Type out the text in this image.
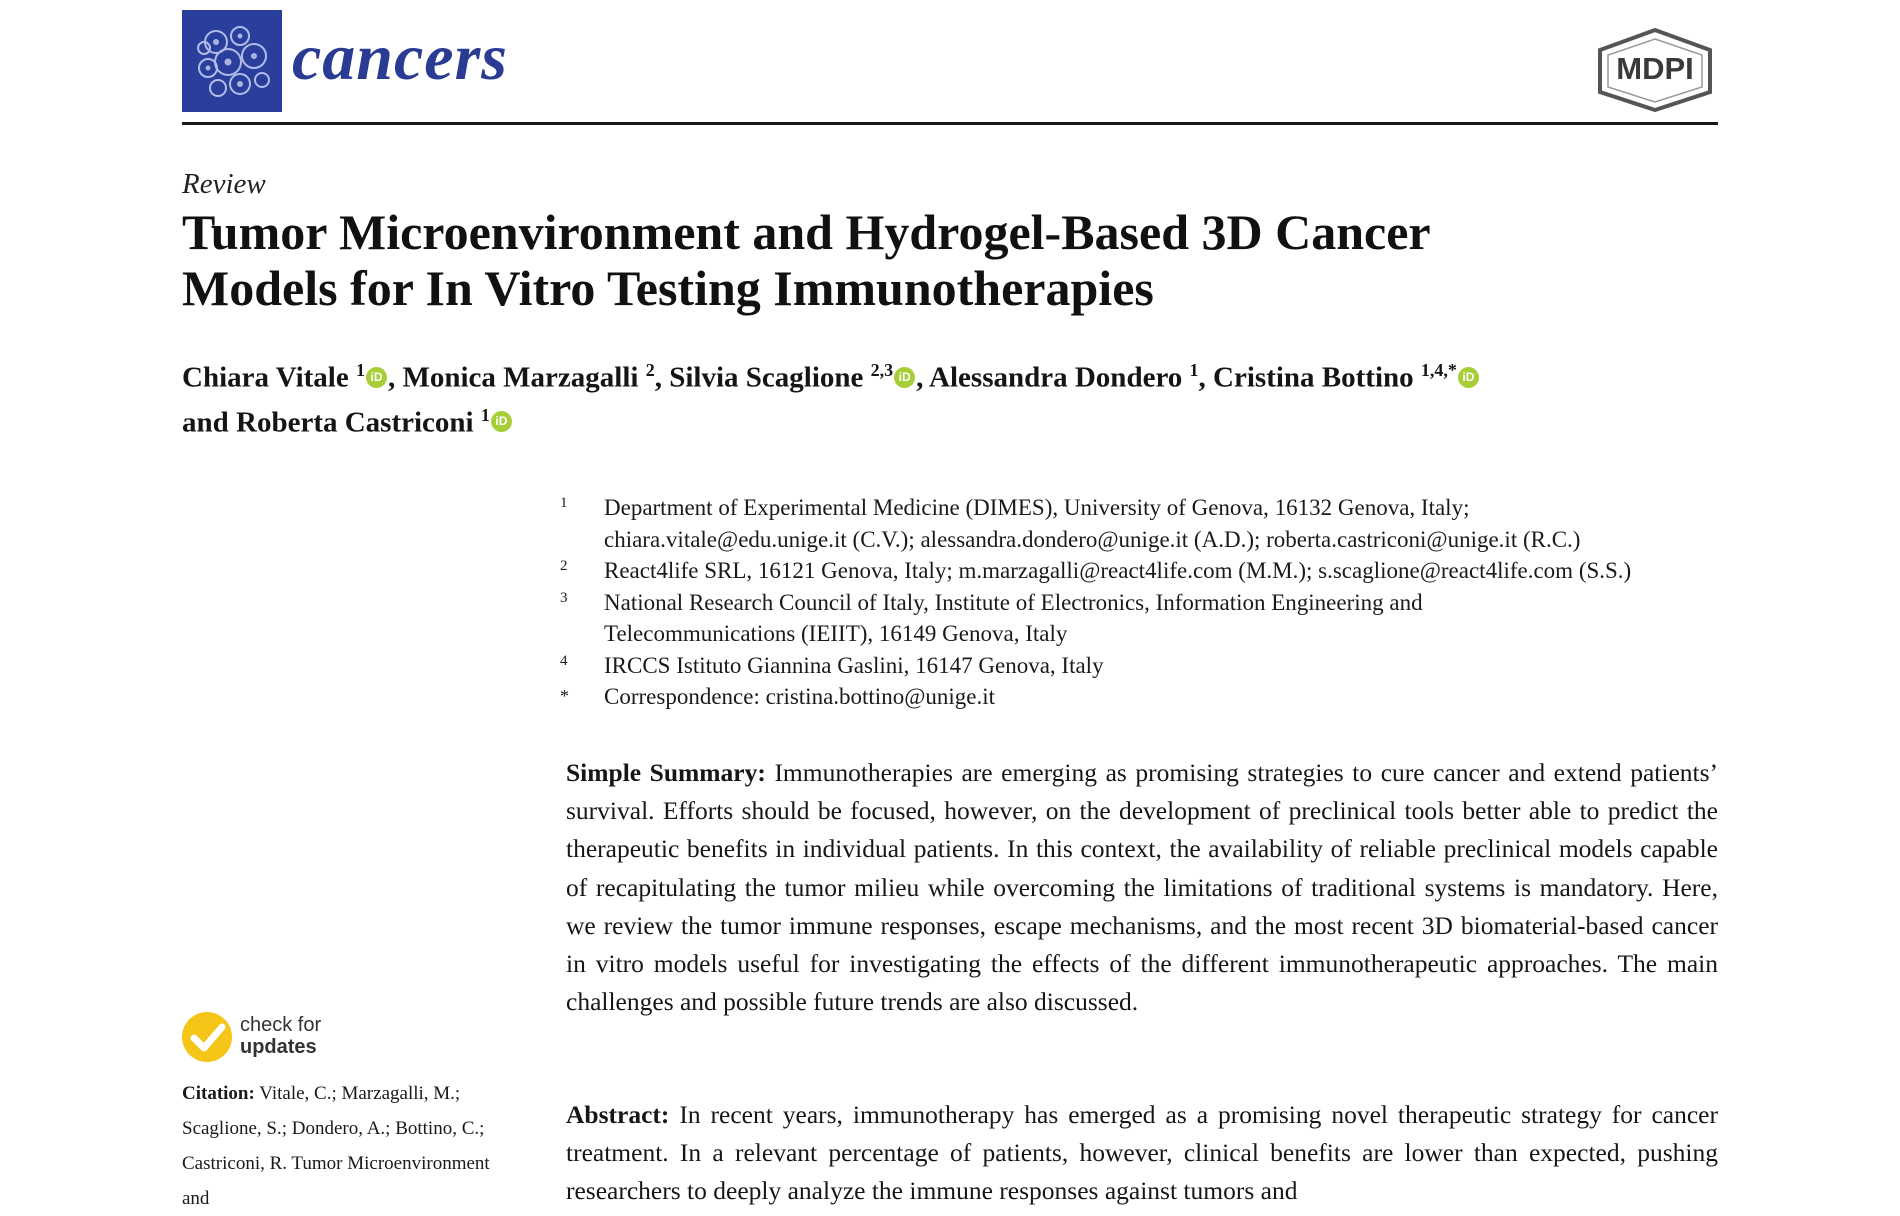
cancers	MDPI
Review
Tumor Microenvironment and Hydrogel-Based 3D Cancer
Models for In Vitro Testing Immunotherapies
Chiara Vitale $^1$ iD , Monica Marzagalli $^2$, Silvia Scaglione $^{2,3}$ iD , Alessandra Dondero $^1$, Cristina Bottino $^{1,4,*}$ iD
and Roberta Castriconi $^1$ iD
1 Department of Experimental Medicine (DIMES), University of Genova, 16132 Genova, Italy;
chiara.vitale@edu.unige.it (C.V.); alessandra.dondero@unige.it (A.D.); roberta.castriconi@unige.it (R.C.)
2 React4life SRL, 16121 Genova, Italy; m.marzagalli@react4life.com (M.M.); s.scaglione@react4life.com (S.S.)
3 National Research Council of Italy, Institute of Electronics, Information Engineering and
Telecommunications (IEIIT), 16149 Genova, Italy
4 IRCCS Istituto Giannina Gaslini, 16147 Genova, Italy
* Correspondence: cristina.bottino@unige.it
Simple Summary: Immunotherapies are emerging as promising strategies to cure cancer and extend patients’ survival. Efforts should be focused, however, on the development of preclinical tools better able to predict the therapeutic benefits in individual patients. In this context, the availability of reliable preclinical models capable of recapitulating the tumor milieu while overcoming the limitations of traditional systems is mandatory. Here, we review the tumor immune responses, escape mechanisms, and the most recent 3D biomaterial-based cancer in vitro models useful for investigating the effects of the different immunotherapeutic approaches. The main challenges and possible future trends are also discussed.
Abstract: In recent years, immunotherapy has emerged as a promising novel therapeutic strategy for cancer treatment. In a relevant percentage of patients, however, clinical benefits are lower than expected, pushing researchers to deeply analyze the immune responses against tumors and
check for
updates
Citation: Vitale, C.; Marzagalli, M.; Scaglione, S.; Dondero, A.; Bottino, C.; Castriconi, R. Tumor Microenvironment and
